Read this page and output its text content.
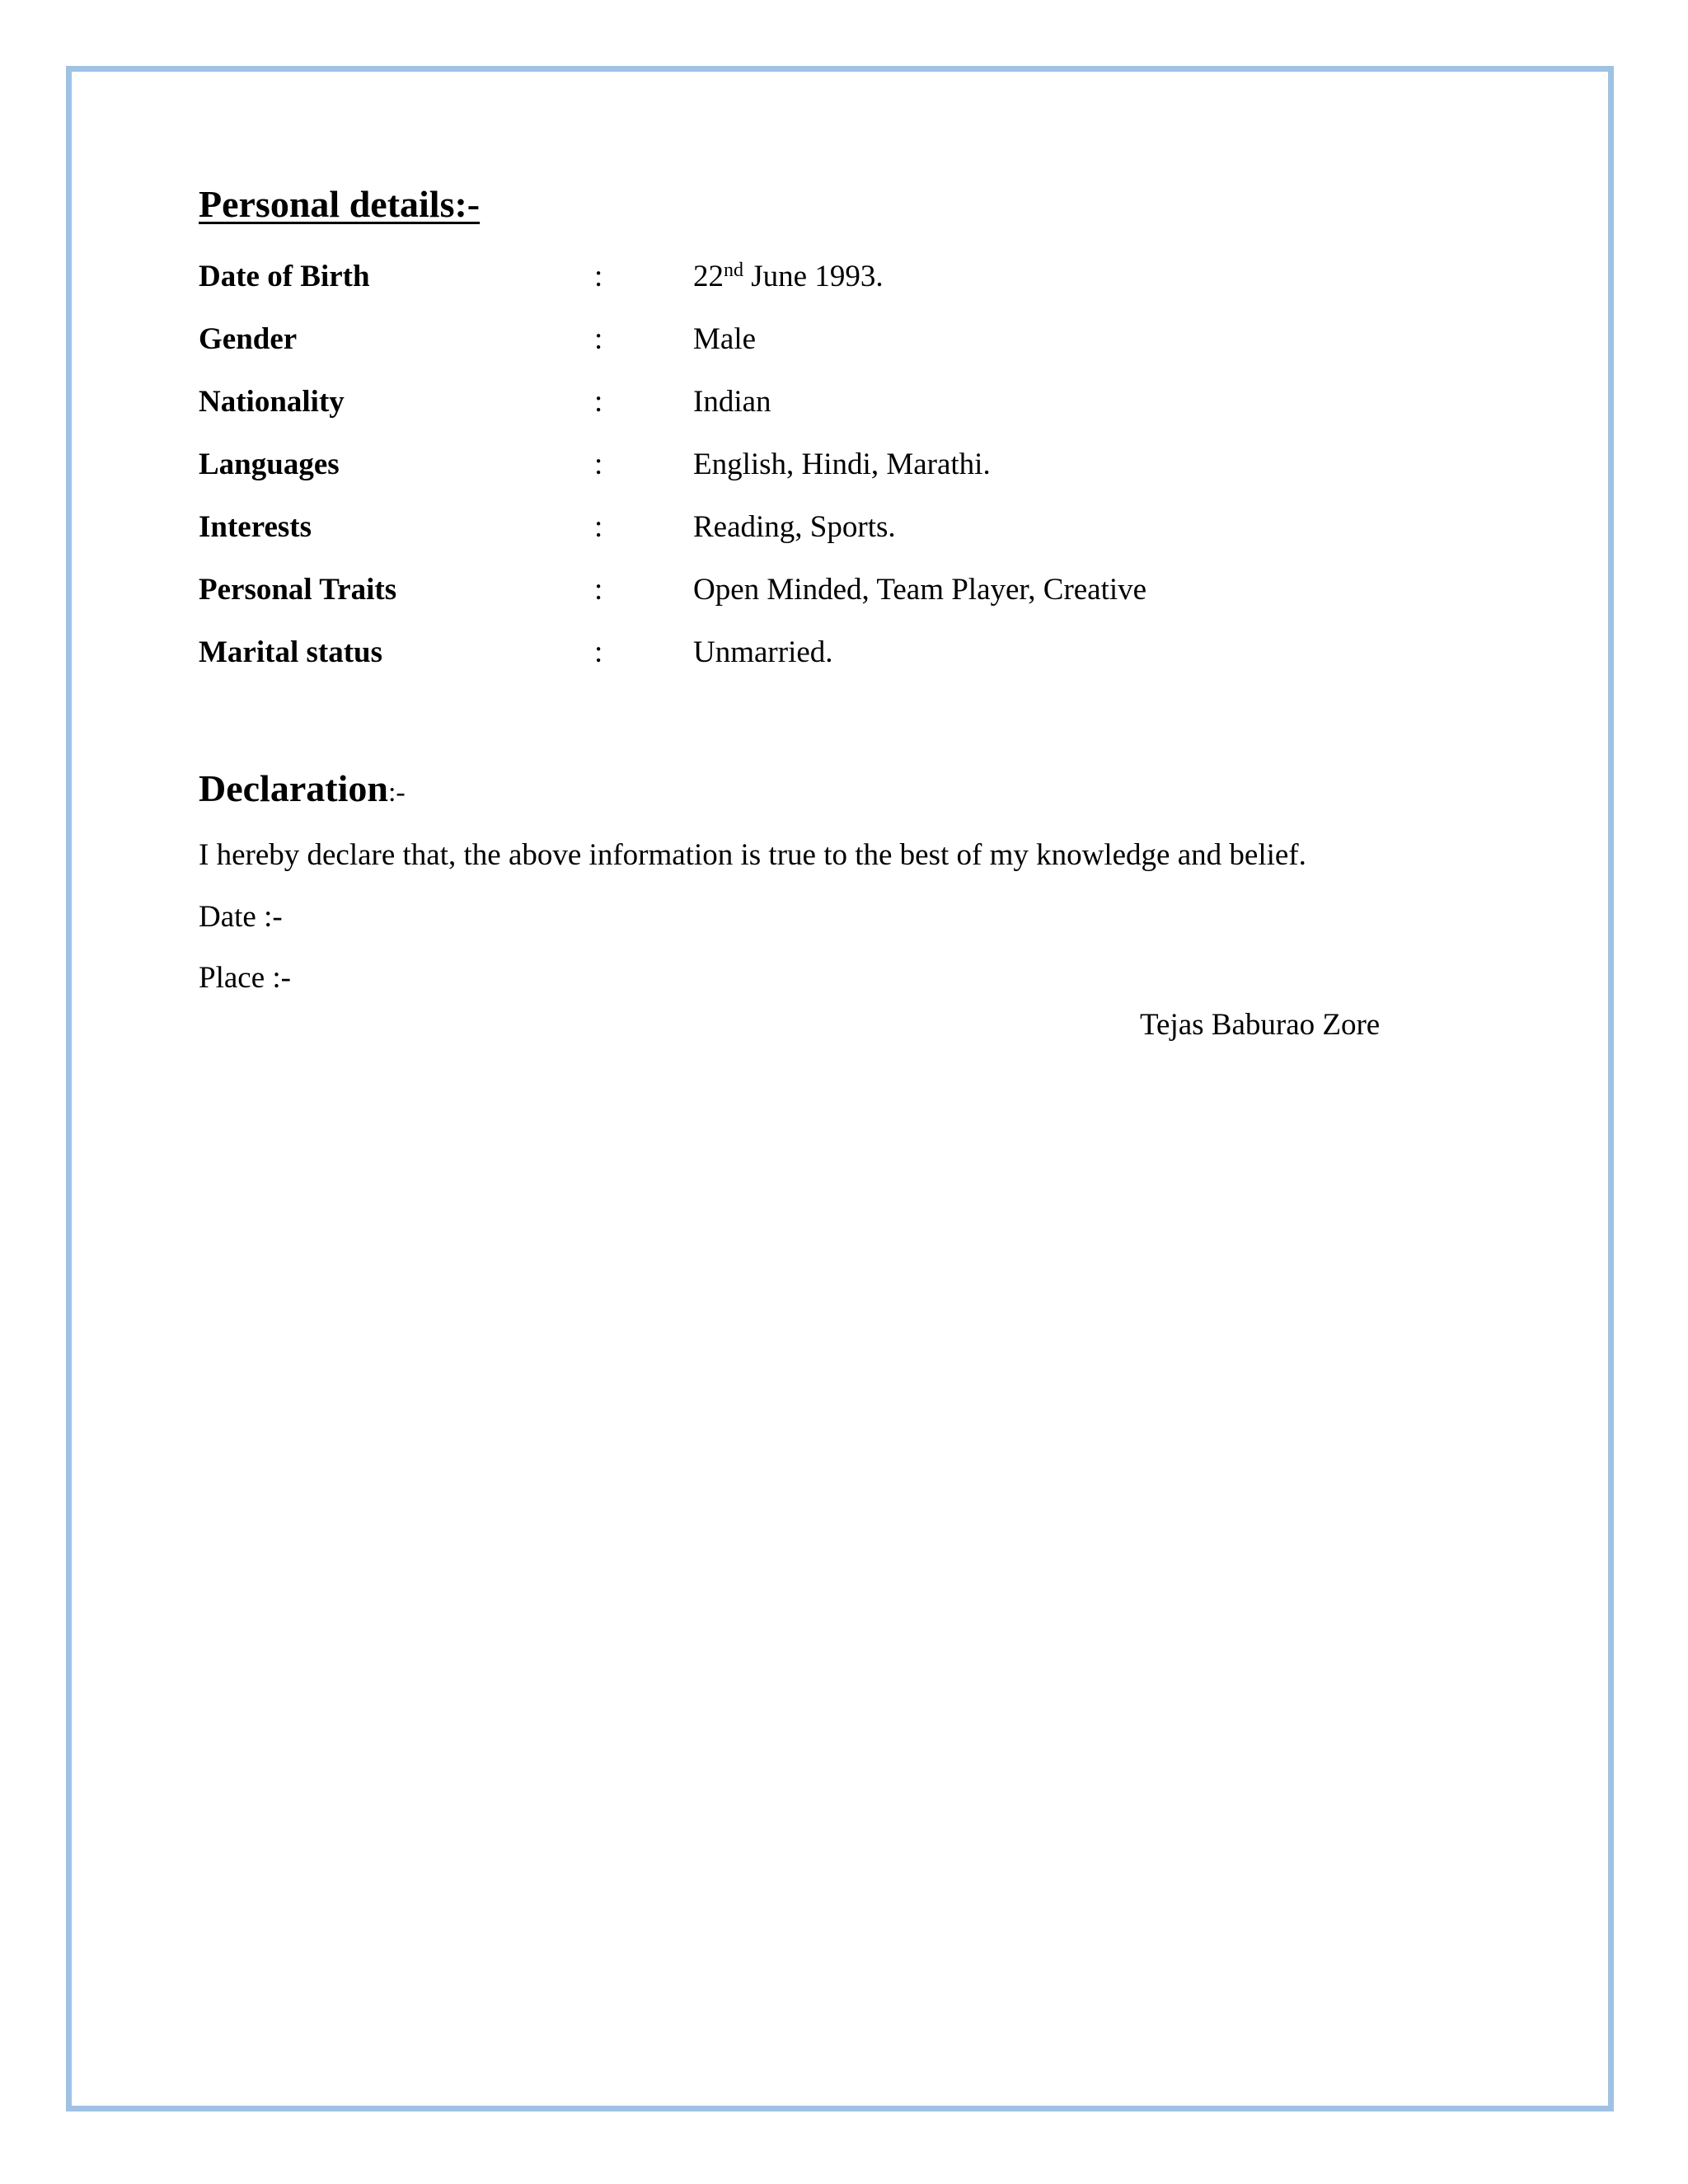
Personal details:-
Date of Birth	:	22nd June 1993.
Gender	:	Male
Nationality	:	Indian
Languages	:	English, Hindi, Marathi.
Interests	:	Reading, Sports.
Personal Traits	:	Open Minded, Team Player, Creative
Marital status	:	Unmarried.
Declaration:-
I hereby declare that, the above information is true to the best of my knowledge and belief.
Date :-
Place :-
Tejas Baburao Zore
